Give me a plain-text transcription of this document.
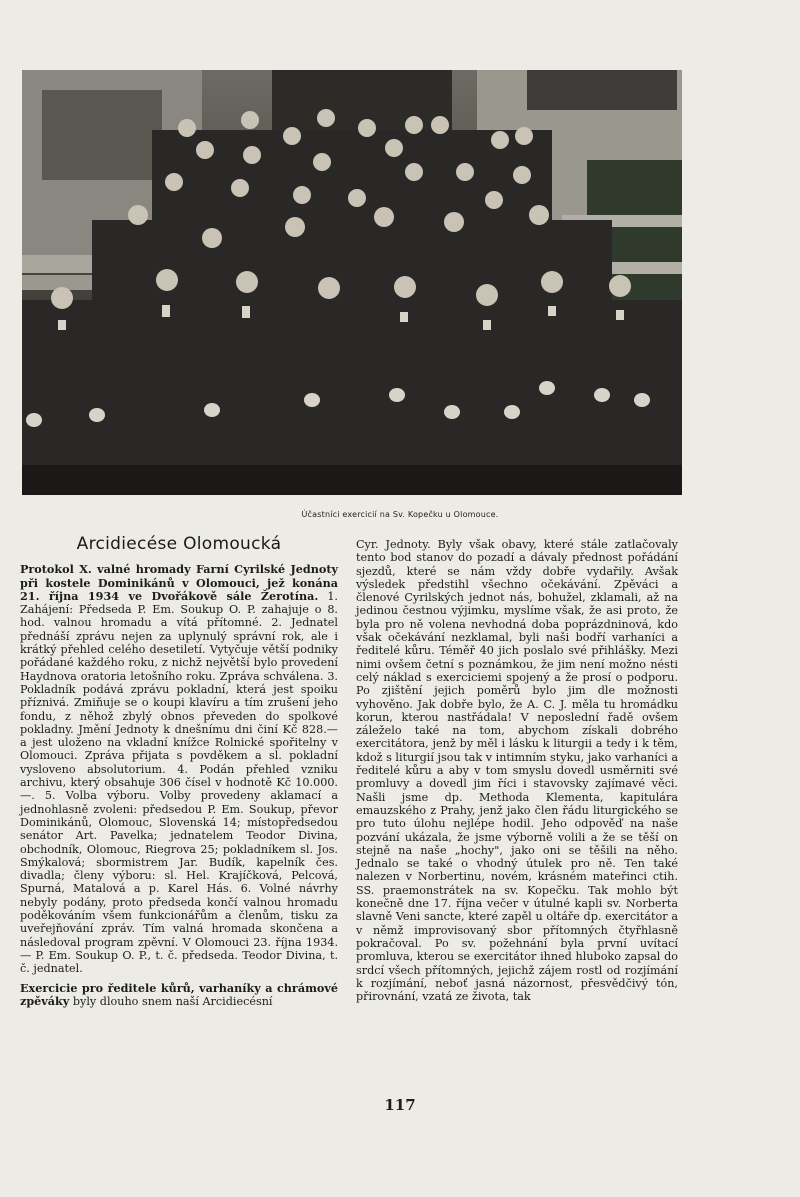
Účastníci exercicií na Sv. Kopečku u Olomouce.
Arcidiecése Olomoucká

Protokol X. valné hromady Farní Cyrilské Jednoty při kostele Dominikánů v Olomouci, jež konána 21. října 1934 ve Dvořákově sále Žerotína. 1. Zahájení: Předseda P. Em. Soukup O. P. zahajuje o 8. hod. valnou hromadu a vítá přítomné. 2. Jednatel přednáší zprávu nejen za uplynulý správní rok, ale i krátký přehled celého desetiletí. Vytyčuje větší podniky pořádané každého roku, z nichž největší bylo provedení Haydnova oratoria letošního roku. Zpráva schválena. 3. Pokladník podává zprávu pokladní, která jest spoiku příznivá. Zmiňuje se o koupi klavíru a tím zrušení jeho fondu, z něhož zbylý obnos převeden do spolkové pokladny. Jmění Jednoty k dnešnímu dni činí Kč 828.— a jest uloženo na vkladní knížce Rolnické spořitelny v Olomouci. Zpráva přijata s povděkem a sl. pokladní vysloveno absolutorium. 4. Podán přehled vzniku archivu, který obsahuje 306 čísel v hodnotě Kč 10.000.—. 5. Volba výboru. Volby provedeny aklamací a jednohlasně zvoleni: předsedou P. Em. Soukup, převor Dominikánů, Olomouc, Slovenská 14; místopředsedou senátor Art. Pavelka; jednatelem Teodor Divina, obchodník, Olomouc, Riegrova 25; pokladníkem sl. Jos. Smýkalová; sbormistrem Jar. Budík, kapelník čes. divadla; členy výboru: sl. Hel. Krajíčková, Pelcová, Spurná, Matalová a p. Karel Hás. 6. Volné návrhy nebyly podány, proto předseda končí valnou hromadu poděkováním všem funkcionářům a členům, tisku za uveřejňování zpráv. Tím valná hromada skončena a následoval program zpěvní. V Olomouci 23. října 1934. — P. Em. Soukup O. P., t. č. předseda. Teodor Divina, t. č. jednatel.

Exercicie pro ředitele kůrů, varhaníky a chrámové zpěváky byly dlouho snem naší Arcidiecésní

Cyr. Jednoty. Byly však obavy, které stále zatlačovaly tento bod stanov do pozadí a dávaly přednost pořádání sjezdů, které se nám vždy dobře vydařily. Avšak výsledek předstihl všechno očekávání. Zpěváci a členové Cyrilských jednot nás, bohužel, zklamali, až na jedinou čestnou výjimku, myslíme však, že asi proto, že byla pro ně volena nevhodná doba poprázdninová, kdo však očekávání nezklamal, byli naši bodří varhaníci a ředitelé kůru. Téměř 40 jich poslalo své přihlášky. Mezi nimi ovšem četní s poznámkou, že jim není možno nésti celý náklad s exerciciemi spojený a že prosí o podporu. Po zjištění jejich poměrů bylo jim dle možnosti vyhověno. Jak dobře bylo, že A. C. J. měla tu hromádku korun, kterou nastřádala! V neposlední řadě ovšem záleželo také na tom, abychom získali dobrého exercitátora, jenž by měl i lásku k liturgii a tedy i k těm, kdož s liturgií jsou tak v intimním styku, jako varhaníci a ředitelé kůru a aby v tom smyslu dovedl usměrniti své promluvy a dovedl jim říci i stavovsky zajímavé věci. Našli jsme dp. Methoda Klementa, kapitulára emauzského z Prahy, jenž jako člen řádu liturgického se pro tuto úlohu nejlépe hodil. Jeho odpověď na naše pozvání ukázala, že jsme výborně volili a že se těší on stejně na naše „hochy", jako oni se těšili na něho. Jednalo se také o vhodný útulek pro ně. Ten také nalezen v Norbertinu, novém, krásném mateřinci ctih. SS. praemonstrátek na sv. Kopečku. Tak mohlo být konečně dne 17. října večer v útulné kapli sv. Norberta slavně Veni sancte, které zapěl u oltáře dp. exercitátor a v němž improvisovaný sbor přítomných čtyřhlasně pokračoval. Po sv. požehnání byla první uvítací promluva, kterou se exercitátor ihned hluboko zapsal do srdcí všech přítomných, jejichž zájem rostl od rozjímání k rozjímání, neboť jasná názornost, přesvědčivý tón, přirovnání, vzatá ze života, tak

117
